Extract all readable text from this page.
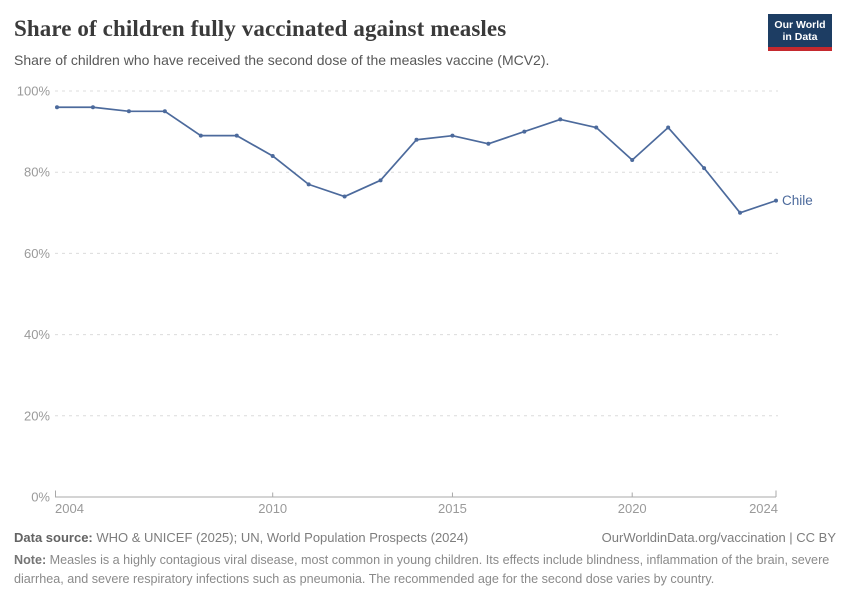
Share of children fully vaccinated against measles

Share of children who have received the second dose of the measles vaccine (MCV2).

Our World
in Data
0%
20%
40%
60%
80%
100%
2004	2010	2015	2020	2024
Chile

Data source: WHO & UNICEF (2025); UN, World Population Prospects (2024)	OurWorldinData.org/vaccination | CC BY

Note: Measles is a highly contagious viral disease, most common in young children. Its effects include blindness, inflammation of the brain, severe diarrhea, and severe respiratory infections such as pneumonia. The recommended age for the second dose varies by country.
